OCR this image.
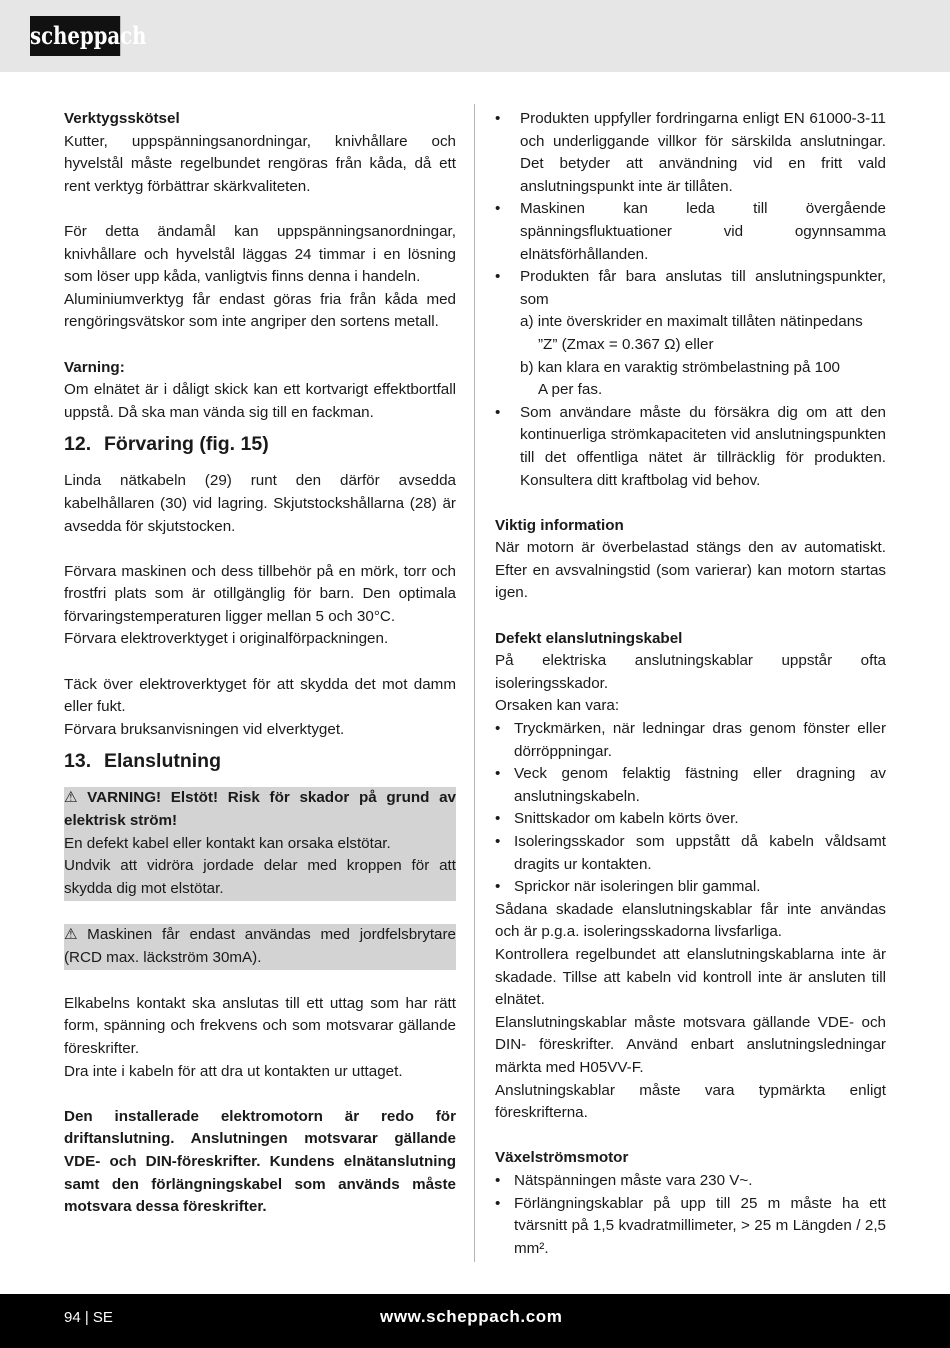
scheppach

Verktygsskötsel

Kutter, uppspänningsanordningar, knivhållare och hyvelstål måste regelbundet rengöras från kåda, då ett rent verktyg förbättrar skärkvaliteten.

För detta ändamål kan uppspänningsanordningar, knivhållare och hyvelstål läggas 24 timmar i en lösning som löser upp kåda, vanligtvis finns denna i handeln.

Aluminiumverktyg får endast göras fria från kåda med rengöringsvätskor som inte angriper den sortens metall.

Varning:

Om elnätet är i dåligt skick kan ett kortvarigt effektbortfall uppstå. Då ska man vända sig till en fackman.

12. Förvaring (fig. 15)

Linda nätkabeln (29) runt den därför avsedda kabelhållaren (30) vid lagring. Skjutstockshållarna (28) är avsedda för skjutstocken.

Förvara maskinen och dess tillbehör på en mörk, torr och frostfri plats som är otillgänglig för barn. Den optimala förvaringstemperaturen ligger mellan 5 och 30°C.

Förvara elektroverktyget i originalförpackningen.

Täck över elektroverktyget för att skydda det mot damm eller fukt.

Förvara bruksanvisningen vid elverktyget.

13. Elanslutning

⚠ VARNING! Elstöt! Risk för skador på grund av elektrisk ström!

En defekt kabel eller kontakt kan orsaka elstötar.

Undvik att vidröra jordade delar med kroppen för att skydda dig mot elstötar.

⚠ Maskinen får endast användas med jordfelsbrytare (RCD max. läckström 30mA).

Elkabelns kontakt ska anslutas till ett uttag som har rätt form, spänning och frekvens och som motsvarar gällande föreskrifter.

Dra inte i kabeln för att dra ut kontakten ur uttaget.

Den installerade elektromotorn är redo för driftanslutning. Anslutningen motsvarar gällande VDE- och DIN-föreskrifter. Kundens elnätanslutning samt den förlängningskabel som används måste motsvara dessa föreskrifter.

• Produkten uppfyller fordringarna enligt EN 61000-3-11 och underliggande villkor för särskilda anslutningar. Det betyder att användning vid en fritt vald anslutningspunkt inte är tillåten.
• Maskinen kan leda till övergående spänningsfluktuationer vid ogynnsamma elnätsförhållanden.
• Produkten får bara anslutas till anslutningspunkter, som
a) inte överskrider en maximalt tillåten nätinpedans
”Z” (Zmax = 0.367 Ω) eller
b) kan klara en varaktig strömbelastning på 100
A per fas.
• Som användare måste du försäkra dig om att den kontinuerliga strömkapaciteten vid anslutningspunkten till det offentliga nätet är tillräcklig för produkten. Konsultera ditt kraftbolag vid behov.

Viktig information

När motorn är överbelastad stängs den av automatiskt. Efter en avsvalningstid (som varierar) kan motorn startas igen.

Defekt elanslutningskabel

På elektriska anslutningskablar uppstår ofta isoleringsskador.

Orsaken kan vara:

• Tryckmärken, när ledningar dras genom fönster eller dörröppningar.
• Veck genom felaktig fästning eller dragning av anslutningskabeln.
• Snittskador om kabeln körts över.
• Isoleringsskador som uppstått då kabeln våldsamt dragits ur kontakten.
• Sprickor när isoleringen blir gammal.

Sådana skadade elanslutningskablar får inte användas och är p.g.a. isoleringsskadorna livsfarliga.

Kontrollera regelbundet att elanslutningskablarna inte är skadade. Tillse att kabeln vid kontroll inte är ansluten till elnätet.

Elanslutningskablar måste motsvara gällande VDE- och DIN- föreskrifter. Använd enbart anslutningsledningar märkta med H05VV-F.

Anslutningskablar måste vara typmärkta enligt föreskrifterna.

Växelströmsmotor

• Nätspänningen måste vara 230 V~.
• Förlängningskablar på upp till 25 m måste ha ett tvärsnitt på 1,5 kvadratmillimeter, > 25 m Längden / 2,5 mm².
94 | SE	www.scheppach.com
